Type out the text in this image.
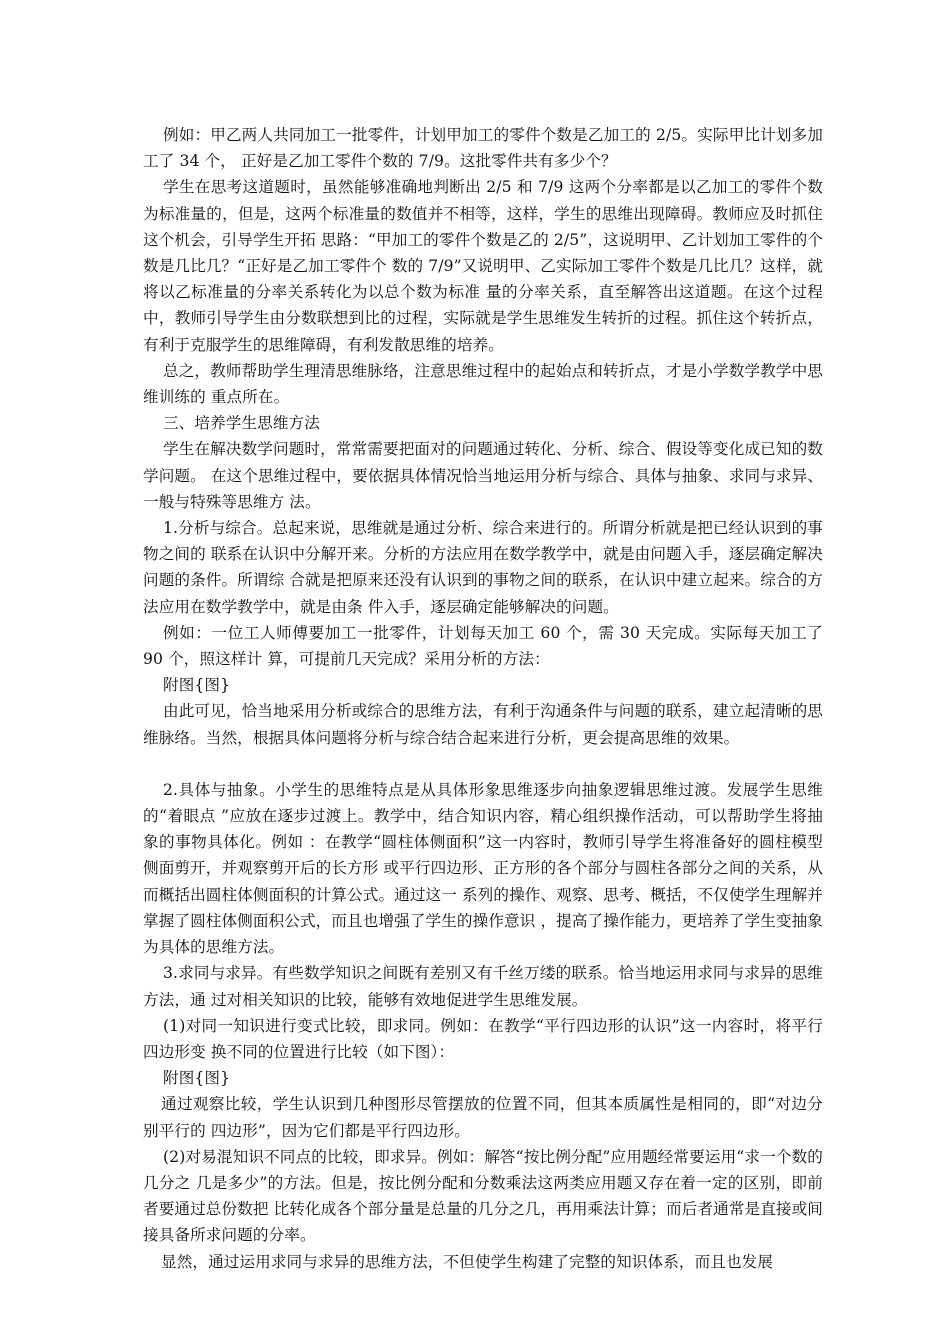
例如：甲乙两人共同加工一批零件，计划甲加工的零件个数是乙加工的 2/5。实际甲比计划多加工了 34 个， 正好是乙加工零件个数的 7/9。这批零件共有多少个？

学生在思考这道题时，虽然能够准确地判断出 2/5 和 7/9 这两个分率都是以乙加工的零件个数为标准量的，但是，这两个标准量的数值并不相等，这样，学生的思维出现障碍。教师应及时抓住这个机会，引导学生开拓 思路：“甲加工的零件个数是乙的 2/5”，这说明甲、乙计划加工零件的个数是几比几？“正好是乙加工零件个 数的 7/9”又说明甲、乙实际加工零件个数是几比几？这样，就将以乙标准量的分率关系转化为以总个数为标准 量的分率关系，直至解答出这道题。在这个过程中，教师引导学生由分数联想到比的过程，实际就是学生思维发生转折的过程。抓住这个转折点，有利于克服学生的思维障碍，有利发散思维的培养。

总之，教师帮助学生理清思维脉络，注意思维过程中的起始点和转折点，才是小学数学教学中思维训练的 重点所在。

三、培养学生思维方法

学生在解决数学问题时，常常需要把面对的问题通过转化、分析、综合、假设等变化成已知的数学问题。 在这个思维过程中，要依据具体情况恰当地运用分析与综合、具体与抽象、求同与求异、一般与特殊等思维方 法。

1.分析与综合。总起来说，思维就是通过分析、综合来进行的。所谓分析就是把已经认识到的事物之间的 联系在认识中分解开来。分析的方法应用在数学教学中，就是由问题入手，逐层确定解决问题的条件。所谓综 合就是把原来还没有认识到的事物之间的联系，在认识中建立起来。综合的方法应用在数学教学中，就是由条 件入手，逐层确定能够解决的问题。

例如：一位工人师傅要加工一批零件，计划每天加工 60 个，需 30 天完成。实际每天加工了 90 个，照这样计 算，可提前几天完成？采用分析的方法：

附图{图}

由此可见，恰当地采用分析或综合的思维方法，有利于沟通条件与问题的联系，建立起清晰的思维脉络。当然，根据具体问题将分析与综合结合起来进行分析，更会提高思维的效果。

2.具体与抽象。小学生的思维特点是从具体形象思维逐步向抽象逻辑思维过渡。发展学生思维的“着眼点 ”应放在逐步过渡上。教学中，结合知识内容，精心组织操作活动，可以帮助学生将抽象的事物具体化。例如 ：在教学“圆柱体侧面积”这一内容时，教师引导学生将准备好的圆柱模型侧面剪开，并观察剪开后的长方形 或平行四边形、正方形的各个部分与圆柱各部分之间的关系，从而概括出圆柱体侧面积的计算公式。通过这一 系列的操作、观察、思考、概括，不仅使学生理解并掌握了圆柱体侧面积公式，而且也增强了学生的操作意识 ，提高了操作能力，更培养了学生变抽象为具体的思维方法。

3.求同与求异。有些数学知识之间既有差别又有千丝万缕的联系。恰当地运用求同与求异的思维方法，通 过对相关知识的比较，能够有效地促进学生思维发展。

(1)对同一知识进行变式比较，即求同。例如：在教学“平行四边形的认识”这一内容时，将平行四边形变 换不同的位置进行比较（如下图）：

附图{图}

通过观察比较，学生认识到几种图形尽管摆放的位置不同，但其本质属性是相同的，即“对边分别平行的 四边形”，因为它们都是平行四边形。

(2)对易混知识不同点的比较，即求异。例如：解答“按比例分配”应用题经常要运用“求一个数的几分之 几是多少”的方法。但是，按比例分配和分数乘法这两类应用题又存在着一定的区别，即前者要通过总份数把 比转化成各个部分量是总量的几分之几，再用乘法计算；而后者通常是直接或间接具备所求问题的分率。

显然，通过运用求同与求异的思维方法，不但使学生构建了完整的知识体系，而且也发展
